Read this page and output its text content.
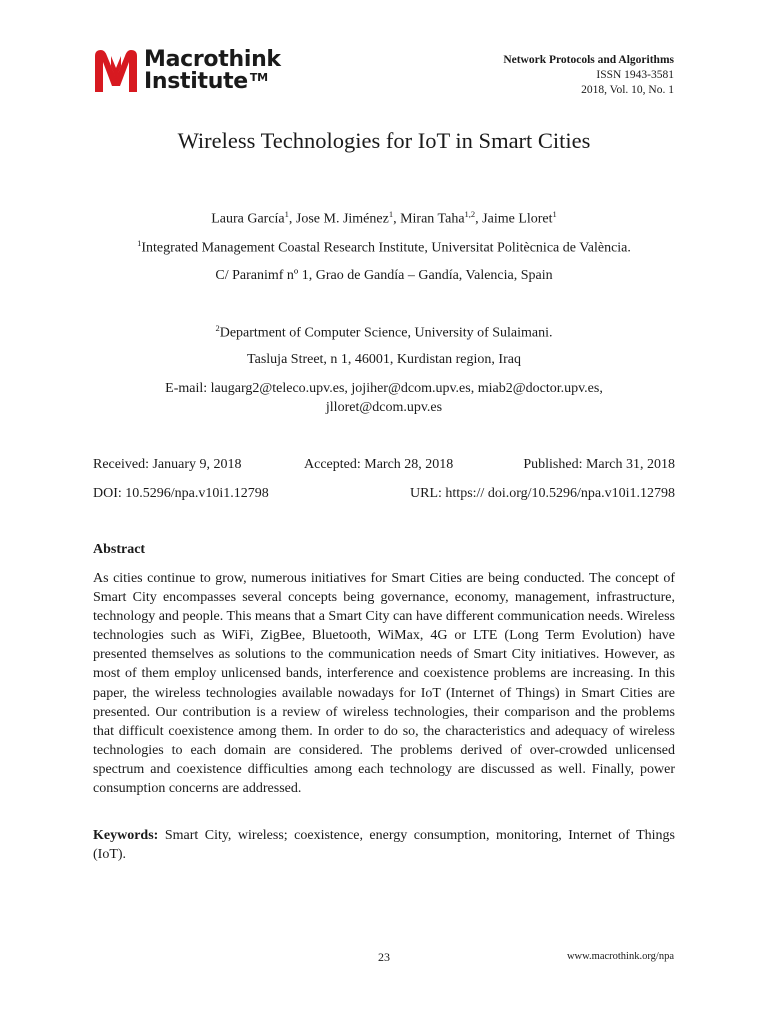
Macrothink
Institute ™
Network Protocols and Algorithms
ISSN 1943-3581
2018, Vol. 10, No. 1
Wireless Technologies for IoT in Smart Cities
Laura García$^1$, Jose M. Jiménez$^1$, Miran Taha$^{1,2}$, Jaime Lloret$^1$
$^1$Integrated Management Coastal Research Institute, Universitat Politècnica de València.
C/ Paranimf nº 1, Grao de Gandía – Gandía, Valencia, Spain
$^2$Department of Computer Science, University of Sulaimani.
Tasluja Street, n 1, 46001, Kurdistan region, Iraq
E-mail: laugarg2@teleco.upv.es, jojiher@dcom.upv.es, miab2@doctor.upv.es,
jlloret@dcom.upv.es
Received: January 9, 2018	Accepted: March 28, 2018	Published: March 31, 2018
DOI: 10.5296/npa.v10i1.12798	URL: https:// doi.org/10.5296/npa.v10i1.12798
Abstract

As cities continue to grow, numerous initiatives for Smart Cities are being conducted. The concept of Smart City encompasses several concepts being governance, economy, management, infrastructure, technology and people. This means that a Smart City can have different communication needs. Wireless technologies such as WiFi, ZigBee, Bluetooth, WiMax, 4G or LTE (Long Term Evolution) have presented themselves as solutions to the communication needs of Smart City initiatives. However, as most of them employ unlicensed bands, interference and coexistence problems are increasing. In this paper, the wireless technologies available nowadays for IoT (Internet of Things) in Smart Cities are presented. Our contribution is a review of wireless technologies, their comparison and the problems that difficult coexistence among them. In order to do so, the characteristics and adequacy of wireless technologies to each domain are considered. The problems derived of over-crowded unlicensed spectrum and coexistence difficulties among each technology are discussed as well. Finally, power consumption concerns are addressed.

Keywords: Smart City, wireless; coexistence, energy consumption, monitoring, Internet of Things (IoT).

23	www.macrothink.org/npa
